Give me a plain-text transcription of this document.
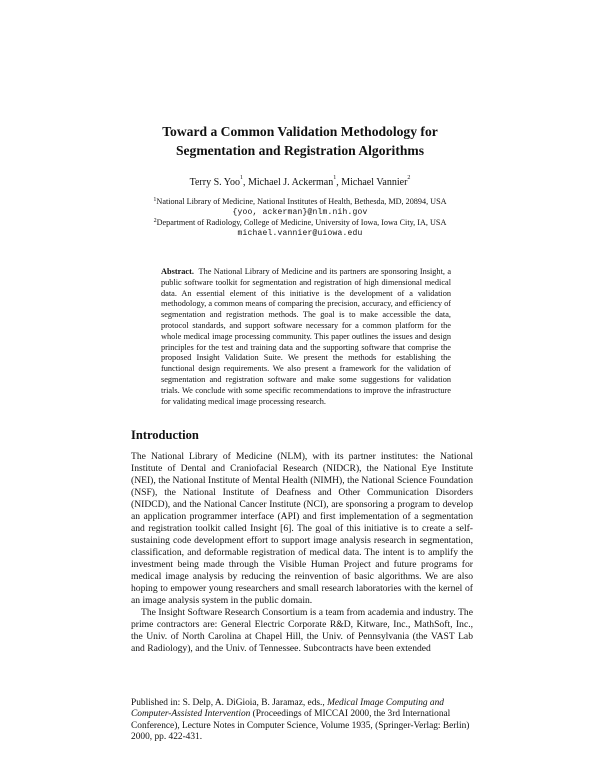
Toward a Common Validation Methodology for
Segmentation and Registration Algorithms
Terry S. Yoo$^1$, Michael J. Ackerman$^1$, Michael Vannier$^2$
$^1$National Library of Medicine, National Institutes of Health, Bethesda, MD, 20894, USA
{yoo, ackerman}@nlm.nih.gov
$^2$Department of Radiology, College of Medicine, University of Iowa, Iowa City, IA, USA
michael.vannier@uiowa.edu
Abstract. The National Library of Medicine and its partners are sponsoring Insight, a public software toolkit for segmentation and registration of high dimensional medical data. An essential element of this initiative is the development of a validation methodology, a common means of comparing the precision, accuracy, and efficiency of segmentation and registration methods. The goal is to make accessible the data, protocol standards, and support software necessary for a common platform for the whole medical image processing community. This paper outlines the issues and design principles for the test and training data and the supporting software that comprise the proposed Insight Validation Suite. We present the methods for establishing the functional design requirements. We also present a framework for the validation of segmentation and registration software and make some suggestions for validation trials. We conclude with some specific recommendations to improve the infrastructure for validating medical image processing research.
Introduction

The National Library of Medicine (NLM), with its partner institutes: the National Institute of Dental and Craniofacial Research (NIDCR), the National Eye Institute (NEI), the National Institute of Mental Health (NIMH), the National Science Foundation (NSF), the National Institute of Deafness and Other Communication Disorders (NIDCD), and the National Cancer Institute (NCI), are sponsoring a program to develop an application programmer interface (API) and first implementation of a segmentation and registration toolkit called Insight [6]. The goal of this initiative is to create a self-sustaining code development effort to support image analysis research in segmentation, classification, and deformable registration of medical data. The intent is to amplify the investment being made through the Visible Human Project and future programs for medical image analysis by reducing the reinvention of basic algorithms. We are also hoping to empower young researchers and small research laboratories with the kernel of an image analysis system in the public domain.

The Insight Software Research Consortium is a team from academia and industry. The prime contractors are: General Electric Corporate R&D, Kitware, Inc., MathSoft, Inc., the Univ. of North Carolina at Chapel Hill, the Univ. of Pennsylvania (the VAST Lab and Radiology), and the Univ. of Tennessee. Subcontracts have been extended

Published in: S. Delp, A. DiGioia, B. Jaramaz, eds., Medical Image Computing and Computer-Assisted Intervention (Proceedings of MICCAI 2000, the 3rd International Conference), Lecture Notes in Computer Science, Volume 1935, (Springer-Verlag: Berlin) 2000, pp. 422-431.
